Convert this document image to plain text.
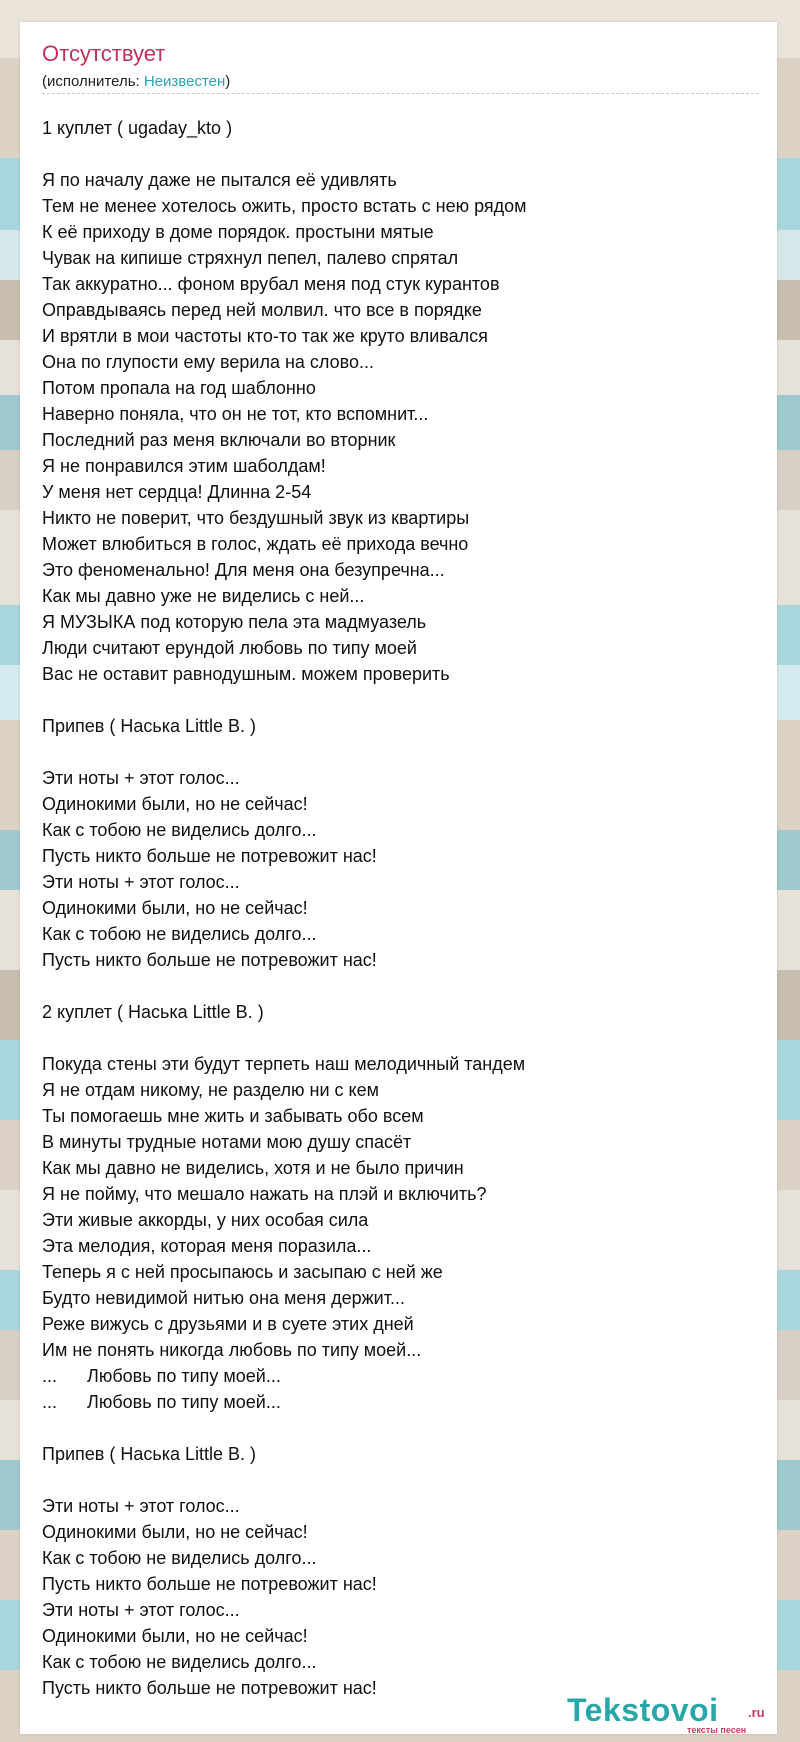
Отсутствует
(исполнитель: Неизвестен)
1 куплет ( ugaday_kto )
Я по началу даже не пытался её удивлять
Тем не менее хотелось ожить, просто встать с нею рядом
К её приходу в доме порядок. простыни мятые
Чувак на кипише стряхнул пепел, палево спрятал
Так аккуратно... фоном врубал меня под стук курантов
Оправдываясь перед ней молвил. что все в порядке
И врятли в мои частоты кто-то так же круто вливался
Она по глупости ему верила на слово...
Потом пропала на год шаблонно
Наверно поняла, что он не тот, кто вспомнит...
Последний раз меня включали во вторник
Я не понравился этим шаболдам!
У меня нет сердца! Длинна 2-54
Никто не поверит, что бездушный звук из квартиры
Может влюбиться в голос, ждать её прихода вечно
Это феноменально! Для меня она безупречна...
Как мы давно уже не виделись с ней...
Я МУЗЫКА под которую пела эта мадмуазель
Люди считают ерундой любовь по типу моей
Вас не оставит равнодушным. можем проверить
Припев ( Наська Little B. )
Эти ноты + этот голос...
Одинокими были, но не сейчас!
Как с тобою не виделись долго...
Пусть никто больше не потревожит нас!
Эти ноты + этот голос...
Одинокими были, но не сейчас!
Как с тобою не виделись долго...
Пусть никто больше не потревожит нас!
2 куплет ( Наська Little B. )
Покуда стены эти будут терпеть наш мелодичный тандем
Я не отдам никому, не разделю ни с кем
Ты помогаешь мне жить и забывать обо всем
В минуты трудные нотами мою душу спасёт
Как мы давно не виделись, хотя и не было причин
Я не пойму, что мешало нажать на плэй и включить?
Эти живые аккорды, у них особая сила
Эта мелодия, которая меня поразила...
Теперь я с ней просыпаюсь и засыпаю с ней же
Будто невидимой нитью она меня держит...
Реже вижусь с друзьями и в суете этих дней
Им не понять никогда любовь по типу моей...
...      Любовь по типу моей...
...      Любовь по типу моей...
Припев ( Наська Little B. )
Эти ноты + этот голос...
Одинокими были, но не сейчас!
Как с тобою не виделись долго...
Пусть никто больше не потревожит нас!
Эти ноты + этот голос...
Одинокими были, но не сейчас!
Как с тобою не виделись долго...
Пусть никто больше не потревожит нас!
Tekstovoi .ru
тексты песен
